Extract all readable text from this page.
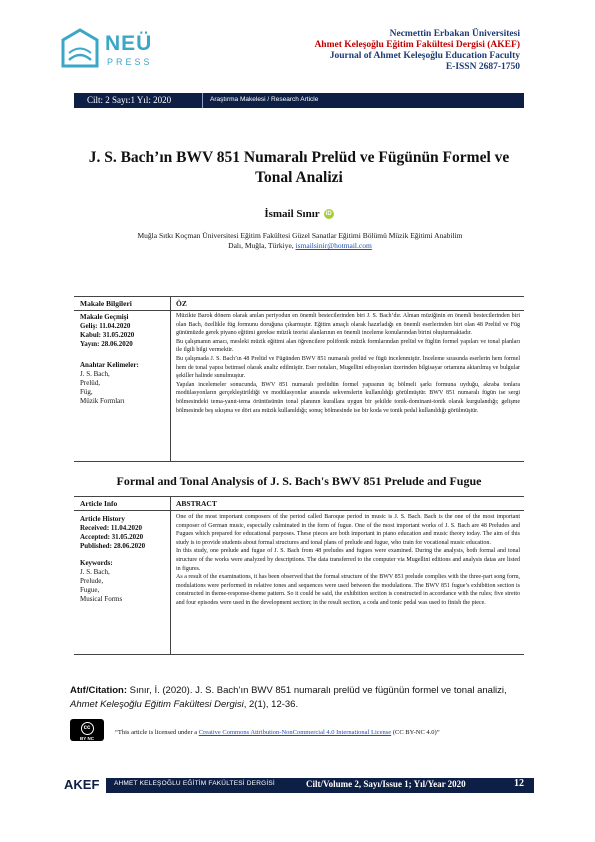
NEÜ
PRESS
Necmettin Erbakan Üniversitesi
Ahmet Keleşoğlu Eğitim Fakültesi Dergisi (AKEF)
Journal of Ahmet Keleşoğlu Education Faculty
E-ISSN 2687-1750
Cilt: 2 Sayı:1 Yıl: 2020	Araştırma Makelesi / Research Article
J. S. Bach’ın BWV 851 Numaralı Prelüd ve Fügünün Formel ve Tonal Analizi
İsmail Sınır iD
Muğla Sıtkı Koçman Üniversitesi Eğitim Fakültesi Güzel Sanatlar Eğitimi Bölümü Müzik Eğitimi Anabilim
Dalı, Muğla, Türkiye, ismailsinir@hotmail.com
Makale Bilgileri	ÖZ
Makale Geçmişi
Geliş: 11.04.2020
Kabul: 31.05.2020
Yayın: 28.06.2020
Anahtar Kelimeler:
J. S. Bach,
Prelüd,
Füg,
Müzik Formları

Müzikte Barok dönem olarak anılan periyodun en önemli bestecilerinden biri J. S. Bach’dır. Alman müziğinin en önemli bestecilerinden biri olan Bach, özellikle füg formunu doruğuna çıkarmıştır. Eğitim amaçlı olarak hazırladığı en önemli eserlerinden biri olan 48 Prelüd ve Füg günümüzde gerek piyano eğitimi gerekse müzik teorisi alanlarının en önemli inceleme konularından birini oluşturmaktadır.

Bu çalışmanın amacı, mesleki müzik eğitimi alan öğrencilere polifonik müzik formlarından prelüd ve füglün formel yapıları ve tonal planları ile ilgili bilgi vermektir.

Bu çalışmada J. S. Bach’ın 48 Prelüd ve Fügünden BWV 851 numaralı prelüd ve fügü incelenmiştir. İnceleme sırasında eserlerin hem formel hem de tonal yapısı betimsel olarak analiz edilmiştir. Eser notaları, Mugellini edisyonları üzerinden bilgisayar ortamına aktarılmış ve bulgular şekiller halinde sunulmuştur.

Yapılan incelemeler sonucunda, BWV 851 numaralı prelüdün formel yapısının üç bölmeli şarkı formuna uyduğu, akraba tonlara modülasyonların gerçekleştirildiği ve modülasyonlar arasında sekvenslerin kullanıldığı görülmüştür. BWV 851 numaralı fügün ise sergi bölmesindeki tema-yanıt-tema örüntüsünün tonal planının kurallara uygun bir şekilde tonik-dominant-tonik olarak kurgulandığı; gelişme bölmesinde beş sıkışma ve dört ara müzik kullanıldığı; sonuç bölmesinde ise bir koda ve tonik pedal kullanıldığı görülmüştür.

Formal and Tonal Analysis of J. S. Bach's BWV 851 Prelude and Fugue
Article Info	ABSTRACT
Article History
Received: 11.04.2020
Accepted: 31.05.2020
Published: 28.06.2020
Keywords:
J. S. Bach,
Prelude,
Fugue,
Musical Forms

One of the most important composers of the period called Baroque period in music is J. S. Bach. Bach is the one of the most important composer of German music, especially culminated in the form of fugue. One of the most important works of J. S. Bach are 48 Preludes and Fugues which prepared for educational purposes. These pieces are both important in piano education and music theory today. The aim of this study is to provide students about formal structures and tonal plans of prelude and fugue, who train for vocational music education.

In this study, one prelude and fugue of J. S. Bach from 48 preludes and fugues were examined. During the analysis, both formal and tonal structure of the works were analyzed by descriptions. The data transferred to the computer via Mugellini editions and analysis datas are listed in figures.

As a result of the examinations, it has been observed that the formal structure of the BWV 851 prelude complies with the three-part song form, modulations were performed in relative tones and sequences were used between the modulations. The BWV 851 fugue’s exhibition section is constructed in theme-response-theme pattern. So it could be said, the exhibition section is constructed in accordance with the rules; five stretto and four episodes were used in the development section; in the result section, a coda and tonic pedal was used to finish the piece.

Atıf/Citation: Sınır, İ. (2020). J. S. Bach’ın BWV 851 numaralı prelüd ve fügünün formel ve tonal analizi, Ahmet Keleşoğlu Eğitim Fakültesi Dergisi, 2(1), 12-36.
cc
BY NC
“This article is licensed under a Creative Commons Attribution-NonCommercial 4.0 International License (CC BY-NC 4.0)”
AKEF AHMET KELEŞOĞLU EĞİTİM FAKÜLTESİ DERGİSİ	Cilt/Volume 2, Sayı/Issue 1; Yıl/Year 2020	12
